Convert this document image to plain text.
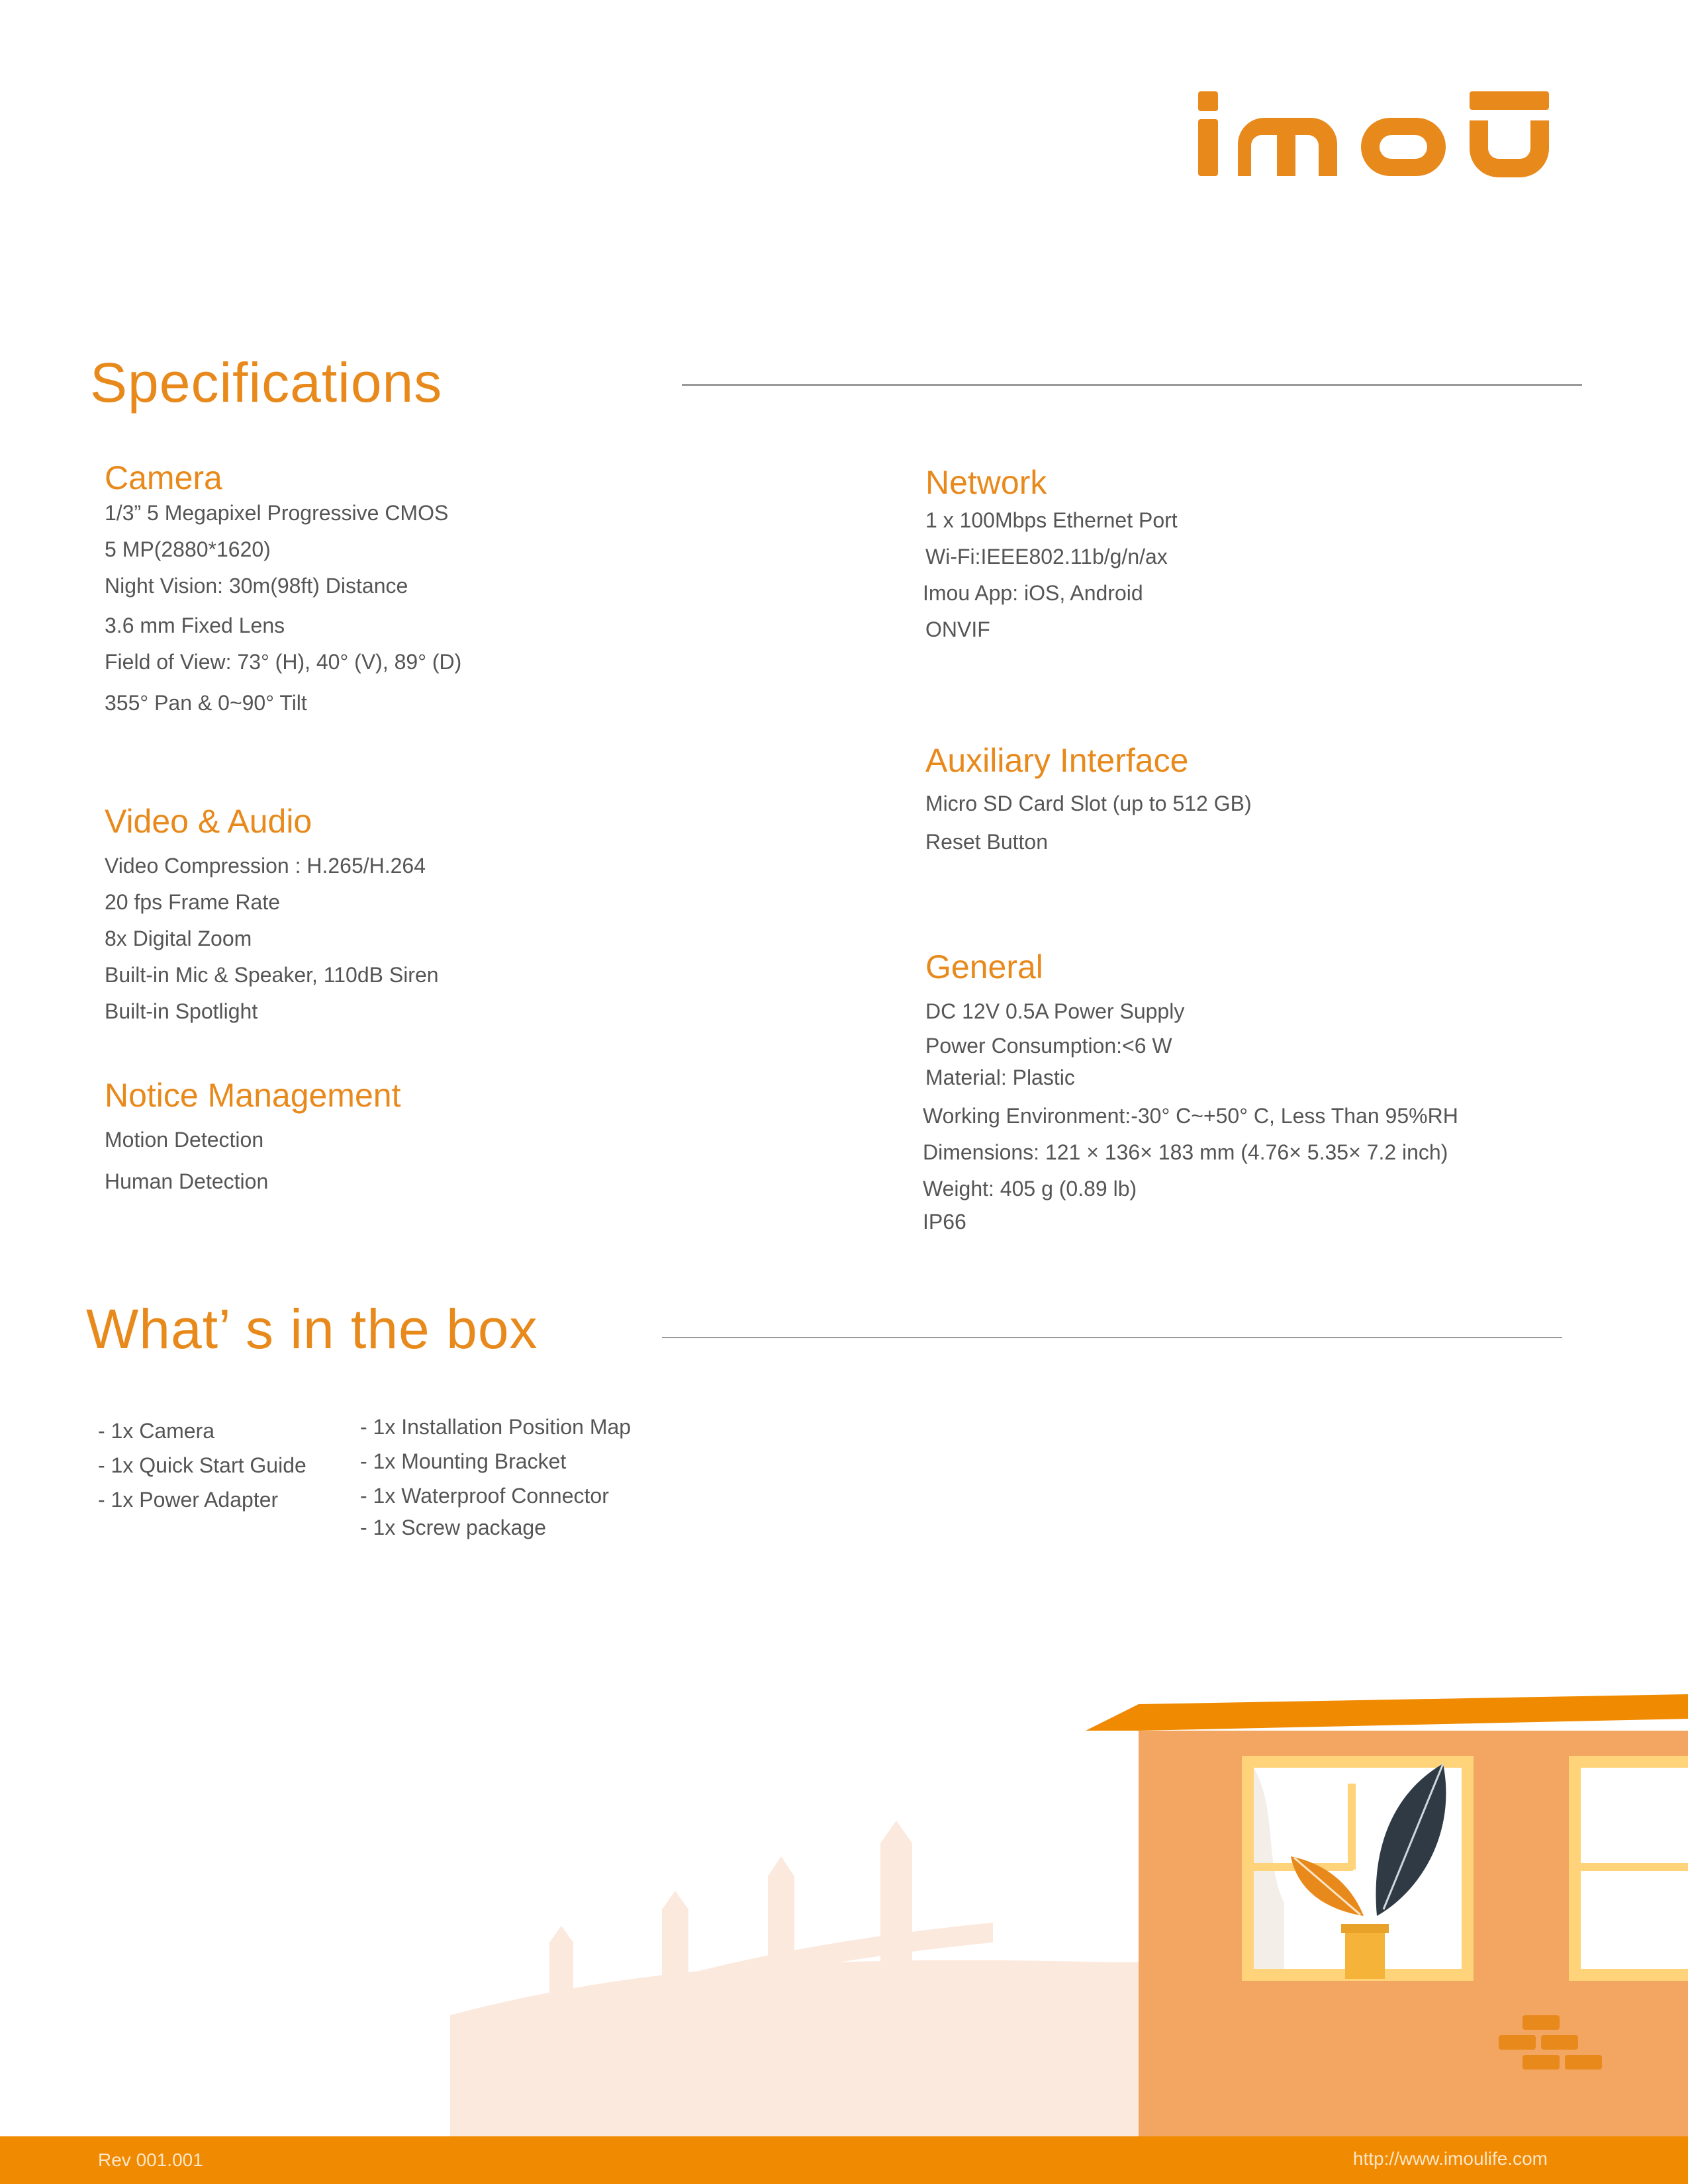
Specifications
Camera
1/3” 5 Megapixel Progressive CMOS
5 MP(2880*1620)
Night Vision: 30m(98ft) Distance
3.6 mm Fixed Lens
Field of View: 73° (H), 40° (V), 89° (D)
355° Pan & 0~90° Tilt
Video & Audio
Video Compression : H.265/H.264
20 fps Frame Rate
8x Digital Zoom
Built-in Mic & Speaker, 110dB Siren
Built-in Spotlight
Notice Management
Motion Detection
Human Detection
Network
1 x 100Mbps Ethernet Port
Wi-Fi:IEEE802.11b/g/n/ax
Imou App: iOS, Android
ONVIF
Auxiliary Interface
Micro SD Card Slot (up to 512 GB)
Reset Button
General
DC 12V 0.5A Power Supply
Power Consumption:<6 W
Material: Plastic
Working Environment:-30° C~+50° C, Less Than 95%RH
Dimensions: 121 × 136× 183 mm (4.76× 5.35× 7.2 inch)
Weight: 405 g (0.89 lb)
IP66
What’ s in the box
- 1x Camera
- 1x Quick Start Guide
- 1x Power Adapter
- 1x Installation Position Map
- 1x Mounting Bracket
- 1x Waterproof Connector
- 1x Screw package
Rev 001.001	http://www.imoulife.com
